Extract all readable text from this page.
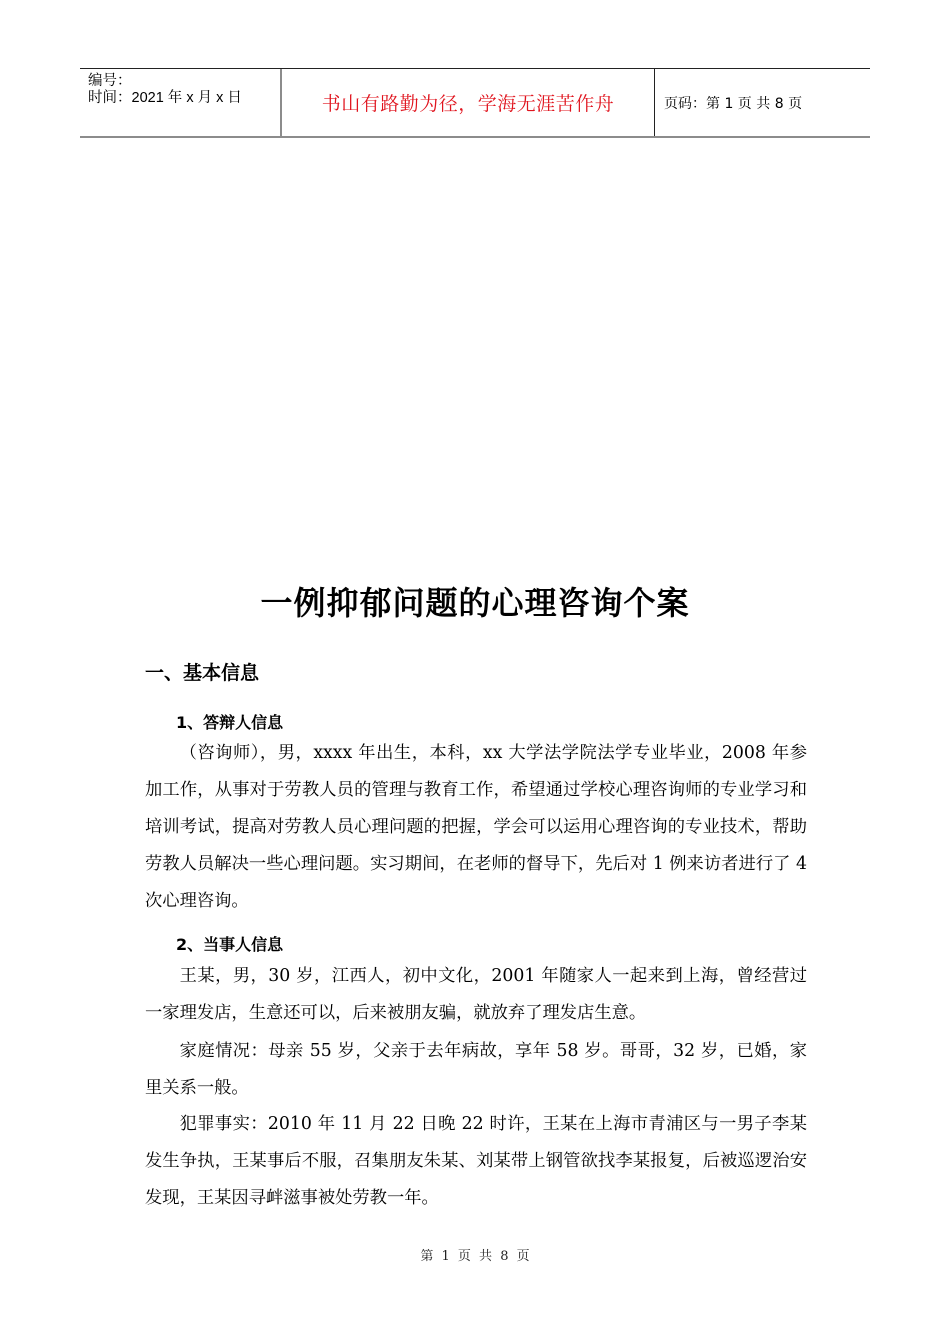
编号：
时间：2021 年 x 月 x 日	书山有路勤为径，学海无涯苦作舟	页码：第 1 页 共 8 页
一例抑郁问题的心理咨询个案
一、基本信息
1、答辩人信息

（咨询师），男，xxxx 年出生，本科，xx 大学法学院法学专业毕业，2008 年参加工作，从事对于劳教人员的管理与教育工作，希望通过学校心理咨询师的专业学习和培训考试，提高对劳教人员心理问题的把握，学会可以运用心理咨询的专业技术，帮助劳教人员解决一些心理问题。实习期间，在老师的督导下，先后对 1 例来访者进行了 4 次心理咨询。

2、当事人信息

王某，男，30 岁，江西人，初中文化，2001 年随家人一起来到上海，曾经营过一家理发店，生意还可以，后来被朋友骗，就放弃了理发店生意。

家庭情况：母亲 55 岁，父亲于去年病故，享年 58 岁。哥哥，32 岁，已婚，家里关系一般。

犯罪事实：2010 年 11 月 22 日晚 22 时许，王某在上海市青浦区与一男子李某发生争执，王某事后不服，召集朋友朱某、刘某带上钢管欲找李某报复，后被巡逻治安发现，王某因寻衅滋事被处劳教一年。

第 1 页 共 8 页
